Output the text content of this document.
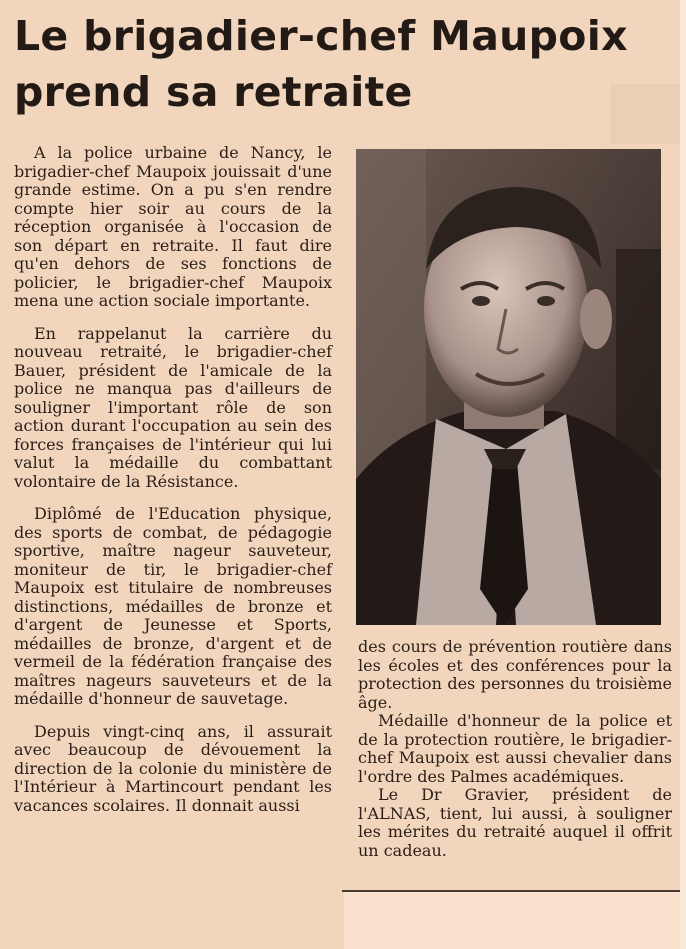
Le brigadier-chef Maupoix
prend sa retraite

A la police urbaine de Nancy, le brigadier-chef Maupoix jouissait d'une grande estime. On a pu s'en rendre compte hier soir au cours de la réception organisée à l'occasion de son départ en retraite. Il faut dire qu'en dehors de ses fonctions de policier, le brigadier-chef Maupoix mena une action sociale importante.

En rappelanut la carrière du nouveau retraité, le brigadier-chef Bauer, président de l'amicale de la police ne manqua pas d'ailleurs de souligner l'important rôle de son action durant l'occupation au sein des forces françaises de l'intérieur qui lui valut la médaille du combattant volontaire de la Résistance.

Diplômé de l'Education physique, des sports de combat, de pédagogie sportive, maître nageur sauveteur, moniteur de tir, le brigadier-chef Maupoix est titulaire de nombreuses distinctions, médailles de bronze et d'argent de Jeunesse et Sports, médailles de bronze, d'argent et de vermeil de la fédération française des maîtres nageurs sauveteurs et de la médaille d'honneur de sauvetage.

Depuis vingt-cinq ans, il assurait avec beaucoup de dévouement la direction de la colonie du ministère de l'Intérieur à Martincourt pendant les vacances scolaires. Il donnait aussi

des cours de prévention routière dans les écoles et des conférences pour la protection des personnes du troisième âge.

Médaille d'honneur de la police et de la protection routière, le brigadier-chef Maupoix est aussi chevalier dans l'ordre des Palmes académiques.

Le Dr Gravier, président de l'ALNAS, tient, lui aussi, à souligner les mérites du retraité auquel il offrit un cadeau.
